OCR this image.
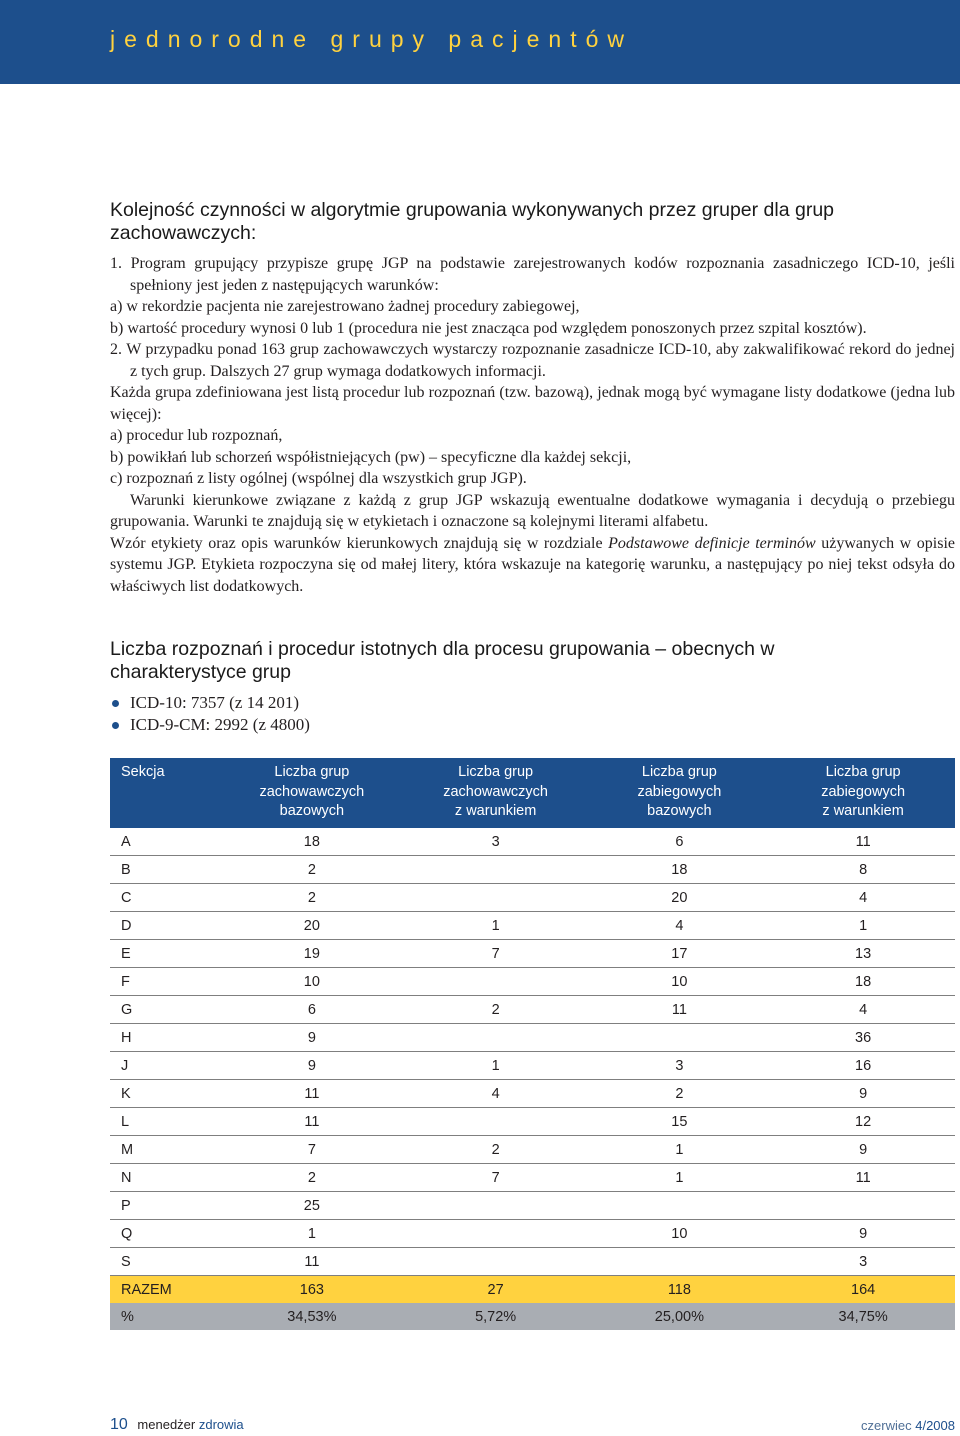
jednorodne grupy pacjentów
Kolejność czynności w algorytmie grupowania wykonywanych przez gruper dla grup zachowawczych:

1. Program grupujący przypisze grupę JGP na podstawie zarejestrowanych kodów rozpoznania zasadniczego ICD-10, jeśli spełniony jest jeden z następujących warunków:

a) w rekordzie pacjenta nie zarejestrowano żadnej procedury zabiegowej,

b) wartość procedury wynosi 0 lub 1 (procedura nie jest znacząca pod względem ponoszonych przez szpital kosztów).

2. W przypadku ponad 163 grup zachowawczych wystarczy rozpoznanie zasadnicze ICD-10, aby zakwalifikować rekord do jednej z tych grup. Dalszych 27 grup wymaga dodatkowych informacji.

Każda grupa zdefiniowana jest listą procedur lub rozpoznań (tzw. bazową), jednak mogą być wymagane listy dodatkowe (jedna lub więcej):

a) procedur lub rozpoznań,

b) powikłań lub schorzeń współistniejących (pw) – specyficzne dla każdej sekcji,

c) rozpoznań z listy ogólnej (wspólnej dla wszystkich grup JGP).

Warunki kierunkowe związane z każdą z grup JGP wskazują ewentualne dodatkowe wymagania i decydują o przebiegu grupowania. Warunki te znajdują się w etykietach i oznaczone są kolejnymi literami alfabetu.

Wzór etykiety oraz opis warunków kierunkowych znajdują się w rozdziale Podstawowe definicje terminów używanych w opisie systemu JGP. Etykieta rozpoczyna się od małej litery, która wskazuje na kategorię warunku, a następujący po niej tekst odsyła do właściwych list dodatkowych.

Liczba rozpoznań i procedur istotnych dla procesu grupowania – obecnych w charakterystyce grup
ICD-10: 7357 (z 14 201)
ICD-9-CM: 2992 (z 4800)
Sekcja	Liczba grup
zachowawczych
bazowych	Liczba grup
zachowawczych
z warunkiem	Liczba grup
zabiegowych
bazowych	Liczba grup
zabiegowych
z warunkiem
A	18	3	6	11
B	2		18	8
C	2		20	4
D	20	1	4	1
E	19	7	17	13
F	10		10	18
G	6	2	11	4
H	9			36
J	9	1	3	16
K	11	4	2	9
L	11		15	12
M	7	2	1	9
N	2	7	1	11
P	25			
Q	1		10	9
S	11			3
RAZEM	163	27	118	164
%	34,53%	5,72%	25,00%	34,75%
10 menedżer zdrowia	czerwiec 4/2008
